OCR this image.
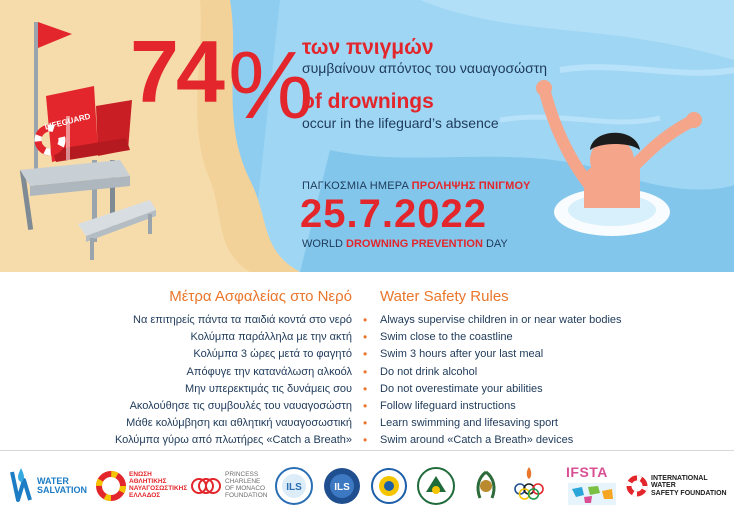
74 %
των πνιγμών
συμβαίνουν απόντος του ναυαγοσώστη
of drownings
occur in the lifeguard’s absence
LIFEGUARD
ΠΑΓΚΟΣΜΙΑ ΗΜΕΡΑ ΠΡΟΛΗΨΗΣ ΠΝΙΓΜΟΥ
25.7.2022
WORLD DROWNING PREVENTION DAY
Μέτρα Ασφαλείας στο Νερό Water Safety Rules
Να επιτηρείς πάντα τα παιδιά κοντά στο νερό
Κολύμπα παράλληλα με την ακτή
Κολύμπα 3 ώρες μετά το φαγητό
Απόφυγε την κατανάλωση αλκοόλ
Μην υπερεκτιμάς τις δυνάμεις σου
Ακολούθησε τις συμβουλές του ναυαγοσώστη
Μάθε κολύμβηση και αθλητική ναυαγοσωστική
Κολύμπα γύρω από πλωτήρες «Catch a Breath»
•
•
•
•
•
•
•
•
Always supervise children in or near water bodies
Swim close to the coastline
Swim 3 hours after your last meal
Do not drink alcohol
Do not overestimate your abilities
Follow lifeguard instructions
Learn swimming and lifesaving sport
Swim around «Catch a Breath» devices
WATER
SALVATION
ΕΝΩΣΗ
ΑΘΛΗΤΙΚΗΣ
ΝΑΥΑΓΟΣΩΣΤΙΚΗΣ
ΕΛΛΑΔΟΣ
PRINCESS
CHARLENE
OF MONACO
FOUNDATION
ILS	ILS
IFSTA	INTERNATIONAL WATER
SAFETY FOUNDATION
